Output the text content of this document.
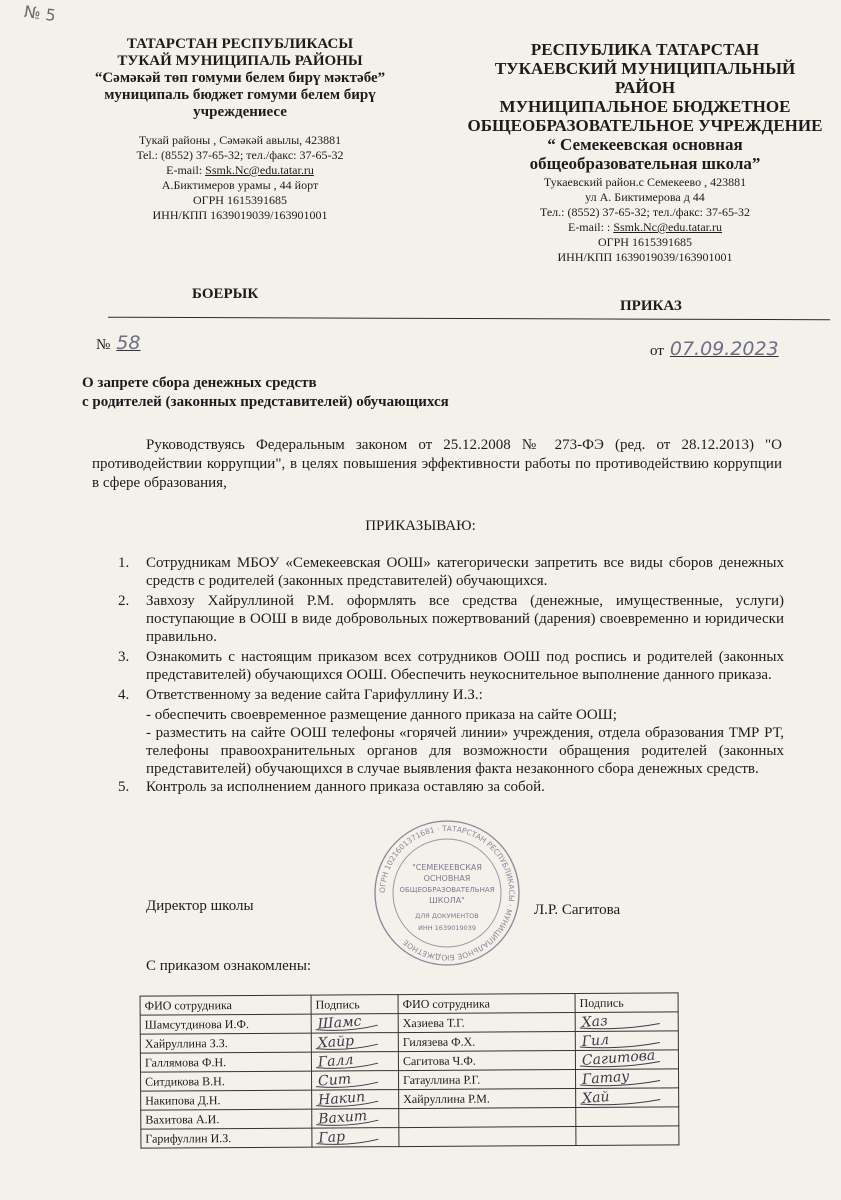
№ 5
ТАТАРСТАН РЕСПУБЛИКАСЫ
ТУКАЙ МУНИЦИПАЛЬ РАЙОНЫ
“Сәмәкәй төп гомуми белем бирү мәктәбе”
муниципаль бюджет гомуми белем бирү
учреждениесе
Тукай районы , Сәмәкәй авылы, 423881
Tel.: (8552) 37-65-32; тел./факс: 37-65-32
E-mail: Ssmk.Nc@edu.tatar.ru
А.Биктимеров урамы , 44 йорт
ОГРН 1615391685
ИНН/КПП 1639019039/163901001
РЕСПУБЛИКА ТАТАРСТАН
ТУКАЕВСКИЙ МУНИЦИПАЛЬНЫЙ
РАЙОН
МУНИЦИПАЛЬНОЕ БЮДЖЕТНОЕ
ОБЩЕОБРАЗОВАТЕЛЬНОЕ УЧРЕЖДЕНИЕ
“ Семекеевская основная
общеобразовательная школа”
Тукаевский район.с Семекеево , 423881
ул А. Биктимерова д 44
Тел.: (8552) 37-65-32; тел./факс: 37-65-32
E-mail: : Ssmk.Nc@edu.tatar.ru
ОГРН 1615391685
ИНН/КПП 1639019039/163901001
БОЕРЫК
ПРИКАЗ
№ 58	от 07.09.2023
О запрете сбора денежных средств
с родителей (законных представителей) обучающихся
Руководствуясь Федеральным законом от 25.12.2008 № 273-ФЭ (ред. от 28.12.2013) "О противодействии коррупции", в целях повышения эффективности работы по противодействию коррупции в сфере образования,
ПРИКАЗЫВАЮ:
1. Сотрудникам МБОУ «Семекеевская ООШ» категорически запретить все виды сборов денежных средств с родителей (законных представителей) обучающихся.
2. Завхозу Хайруллиной Р.М. оформлять все средства (денежные, имущественные, услуги) поступающие в ООШ в виде добровольных пожертвований (дарения) своевременно и юридически правильно.
3. Ознакомить с настоящим приказом всех сотрудников ООШ под роспись и родителей (законных представителей) обучающихся ООШ. Обеспечить неукоснительное выполнение данного приказа.
4. Ответственному за ведение сайта Гарифуллину И.З.:
- обеспечить своевременное размещение данного приказа на сайте ООШ;
- разместить на сайте ООШ телефоны «горячей линии» учреждения, отдела образования ТМР РТ, телефоны правоохранительных органов для возможности обращения родителей (законных представителей) обучающихся в случае выявления факта незаконного сбора денежных средств.
5. Контроль за исполнением данного приказа оставляю за собой.
ОГРН 1021601371681 · ТАТАРСТАН РЕСПУБЛИКАСЫ · МУНИЦИПАЛЬНОЕ БЮДЖЕТНОЕ
"СЕМЕКЕЕВСКАЯ
ОСНОВНАЯ
ОБЩЕОБРАЗОВАТЕЛЬНАЯ
ШКОЛА"
ДЛЯ ДОКУМЕНТОВ
ИНН 1639019039
Директор школы	Л.Р. Сагитова
С приказом ознакомлены:
ФИО сотрудника	Подпись	ФИО сотрудника	Подпись
Шамсутдинова И.Ф.	Шамс	Хазиева Т.Г.	Хаз

Хайруллина З.З.	Хайр	Гилязева Ф.Х.	Гил

Галлямова Ф.Н.	Галл	Сагитова Ч.Ф.	Сагитова

Ситдикова В.Н.	Сит	Гатауллина Р.Г.	Гатау

Накипова Д.Н.	Накип	Хайруллина Р.М.	Хай

Вахитова А.И.	Вахит		

Гарифуллин И.З.	Гар		
